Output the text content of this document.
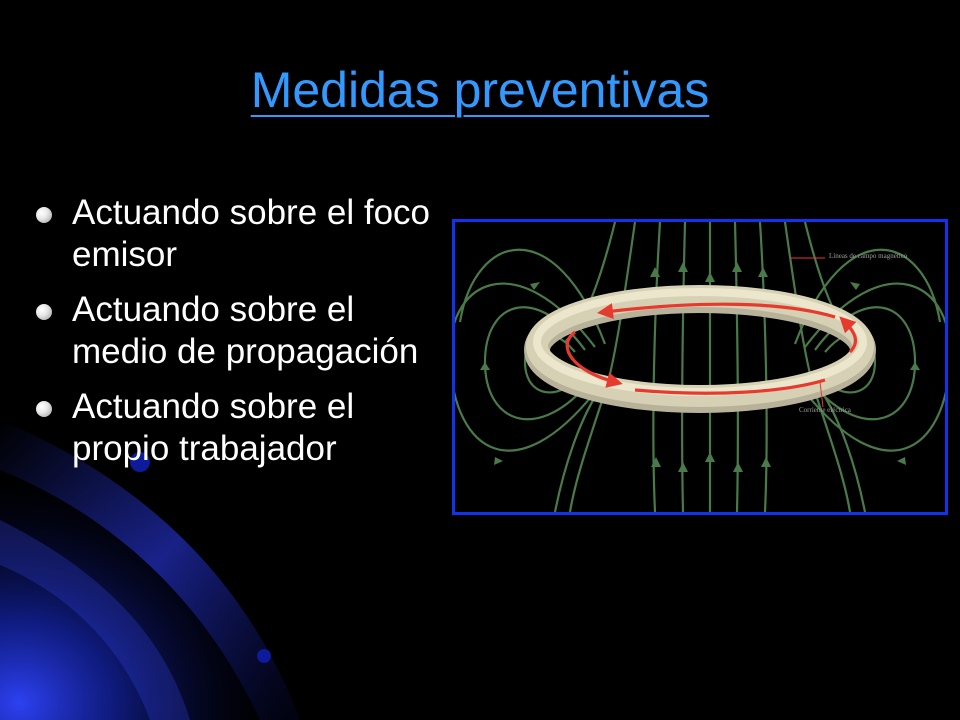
Medidas preventivas
Actuando sobre el foco emisor
Actuando sobre el medio de propagación
Actuando sobre el propio trabajador
Líneas de campo magnético
Corriente eléctrica
